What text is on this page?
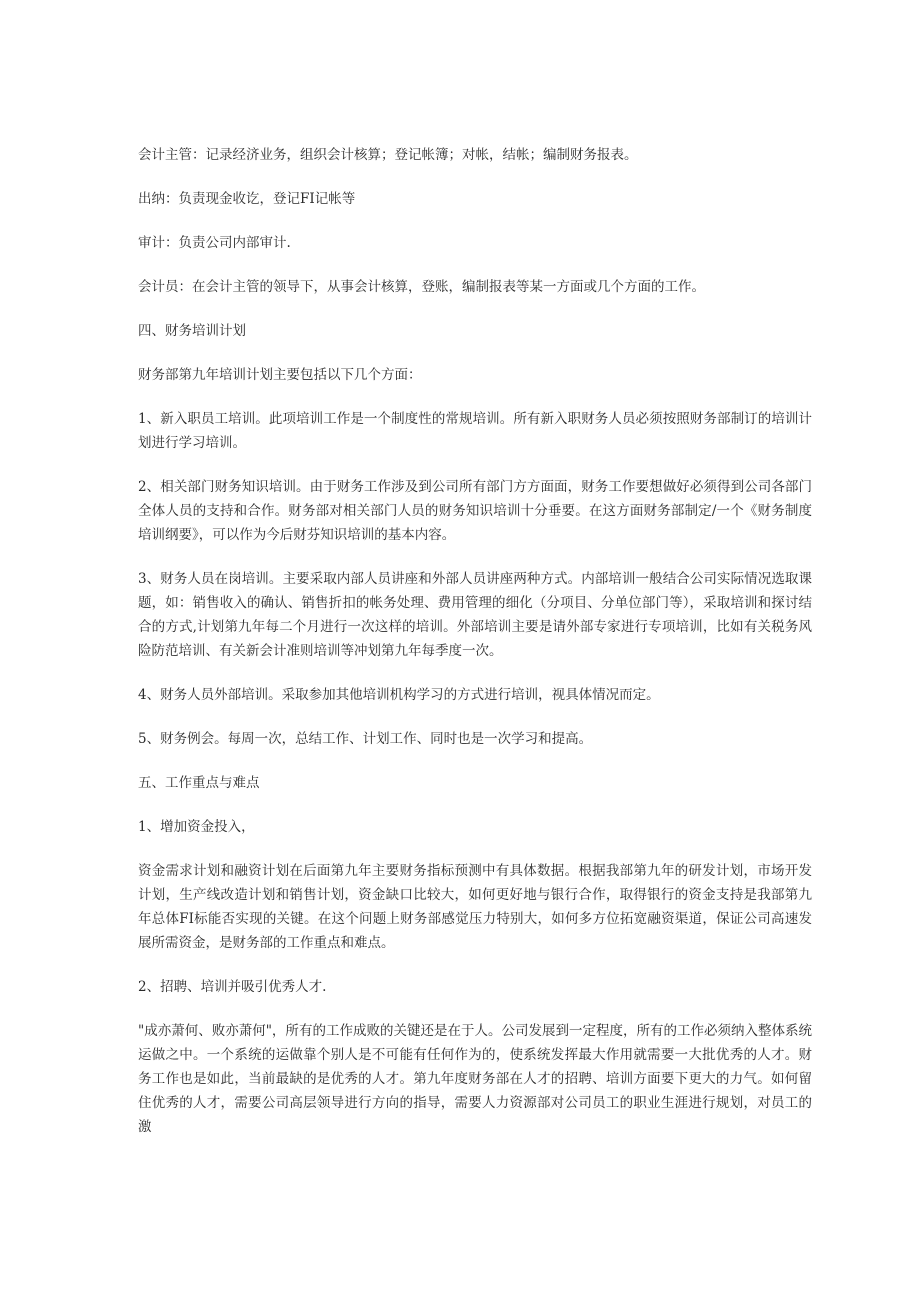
会计主管：记录经济业务，组织会计核算；登记帐簿；对帐，结帐；编制财务报表。

出纳：负责现金收讫，登记FI记帐等

审计：负责公司内部审计.

会计员：在会计主管的领导下，从事会计核算，登账，编制报表等某一方面或几个方面的工作。

四、财务培训计划

财务部第九年培训计划主要包括以下几个方面：

1、新入职员工培训。此项培训工作是一个制度性的常规培训。所有新入职财务人员必须按照财务部制订的培训计划进行学习培训。

2、相关部门财务知识培训。由于财务工作涉及到公司所有部门方方面面，财务工作要想做好必须得到公司各部门全体人员的支持和合作。财务部对相关部门人员的财务知识培训十分垂要。在这方面财务部制定/一个《财务制度培训纲要》，可以作为今后财芬知识培训的基本内容。

3、财务人员在岗培训。主要采取内部人员讲座和外部人员讲座两种方式。内部培训一般结合公司实际情况选取课题，如：销售收入的确认、销售折扣的帐务处理、费用管理的细化（分项目、分单位部门等），采取培训和探讨结合的方式,计划第九年每二个月进行一次这样的培训。外部培训主要是请外部专家进行专项培训，比如有关税务风险防范培训、有关新会计准则培训等冲划第九年每季度一次。

4、财务人员外部培训。采取参加其他培训机构学习的方式进行培训，视具体情况而定。

5、财务例会。每周一次，总结工作、计划工作、同时也是一次学习和提高。

五、工作重点与难点

1、增加资金投入，

资金需求计划和融资计划在后面第九年主要财务指标预测中有具体数据。根据我部第九年的研发计划，市场开发计划，生产线改造计划和销售计划，资金缺口比较大，如何更好地与银行合作，取得银行的资金支持是我部第九年总体FI标能否实现的关键。在这个问题上财务部感觉压力特别大，如何多方位拓宽融资渠道，保证公司高速发展所需资金，是财务部的工作重点和难点。

2、招聘、培训并吸引优秀人才.

"成亦萧何、败亦萧何"，所有的工作成败的关键还是在于人。公司发展到一定程度，所有的工作必须纳入整体系统运做之中。一个系统的运做靠个别人是不可能有任何作为的，使系统发挥最大作用就需要一大批优秀的人才。财务工作也是如此，当前最缺的是优秀的人才。第九年度财务部在人才的招聘、培训方面要下更大的力气。如何留住优秀的人才，需要公司高层领导进行方向的指导，需要人力资源部对公司员工的职业生涯进行规划，对员工的激
